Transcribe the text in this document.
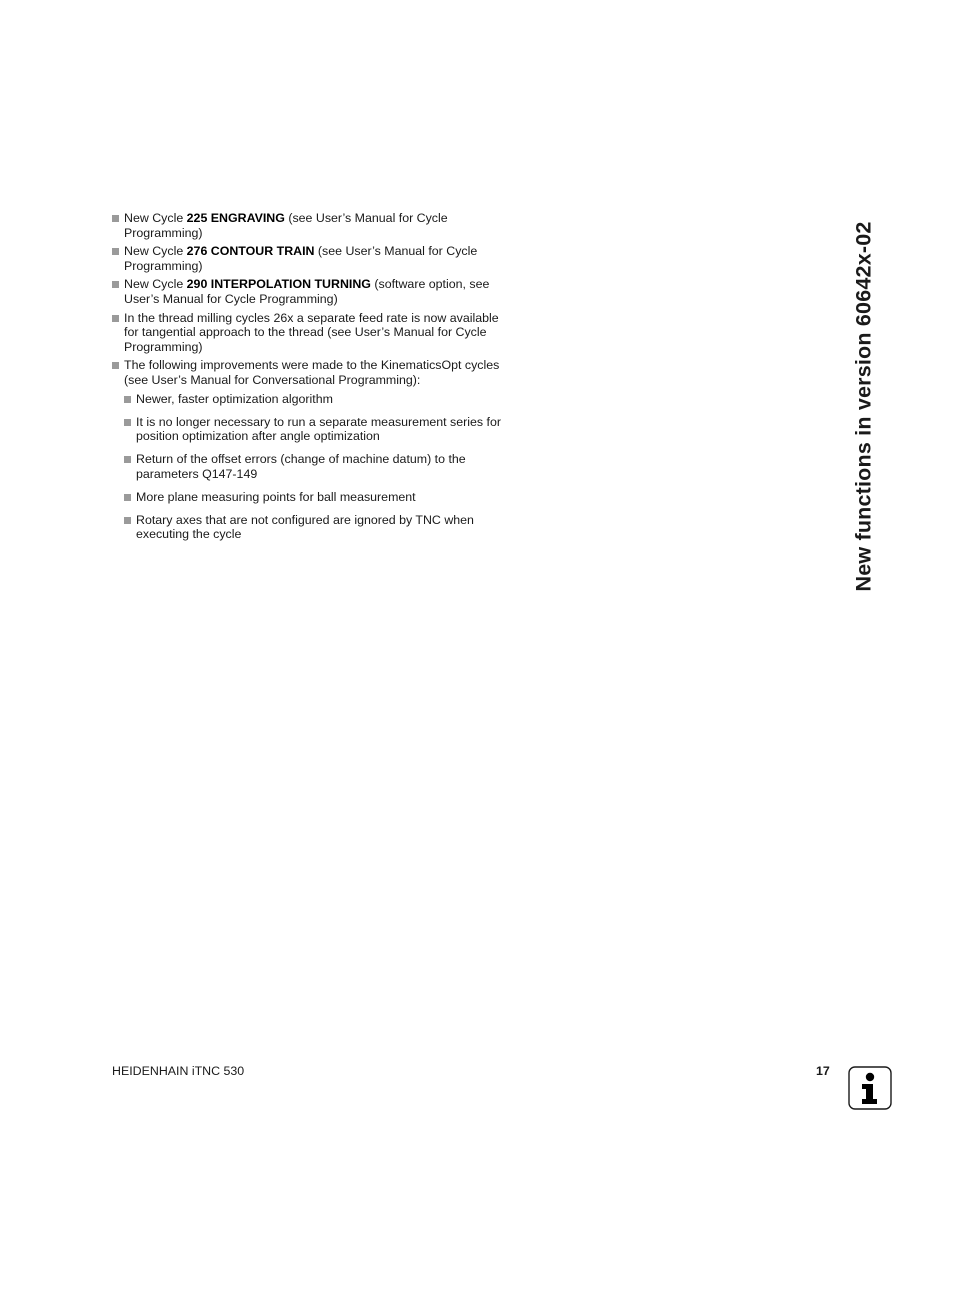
New Cycle 225 ENGRAVING (see User’s Manual for Cycle Programming)
New Cycle 276 CONTOUR TRAIN (see User’s Manual for Cycle Programming)
New Cycle 290 INTERPOLATION TURNING (software option, see User’s Manual for Cycle Programming)
In the thread milling cycles 26x a separate feed rate is now available for tangential approach to the thread (see User’s Manual for Cycle Programming)
The following improvements were made to the KinematicsOpt cycles (see User’s Manual for Conversational Programming):
Newer, faster optimization algorithm
It is no longer necessary to run a separate measurement series for position optimization after angle optimization
Return of the offset errors (change of machine datum) to the parameters Q147-149
More plane measuring points for ball measurement
Rotary axes that are not configured are ignored by TNC when executing the cycle	New functions in version 60642x-02
HEIDENHAIN iTNC 530	17
